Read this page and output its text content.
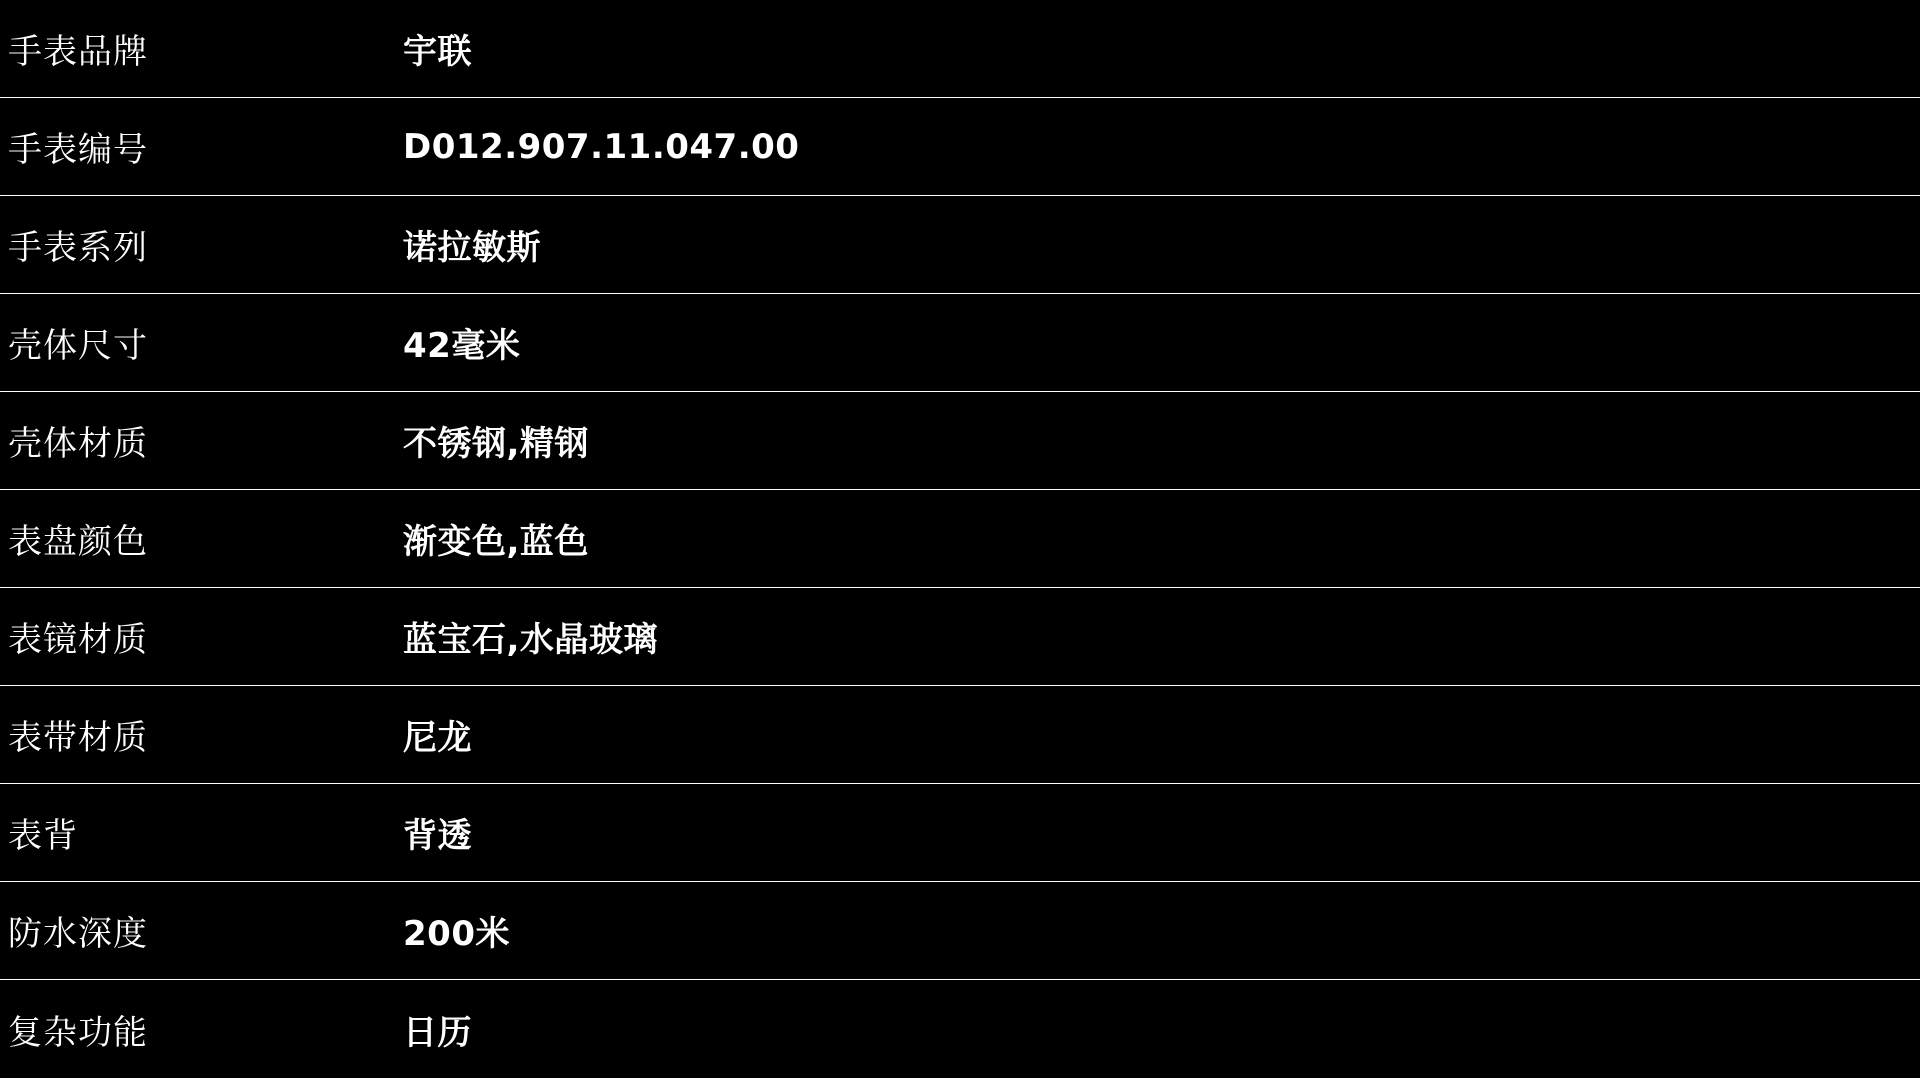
手表品牌	宇联
手表编号	D012.907.11.047.00
手表系列	诺拉敏斯
壳体尺寸	42毫米
壳体材质	不锈钢,精钢
表盘颜色	渐变色,蓝色
表镜材质	蓝宝石,水晶玻璃
表带材质	尼龙
表背	背透
防水深度	200米
复杂功能	日历
